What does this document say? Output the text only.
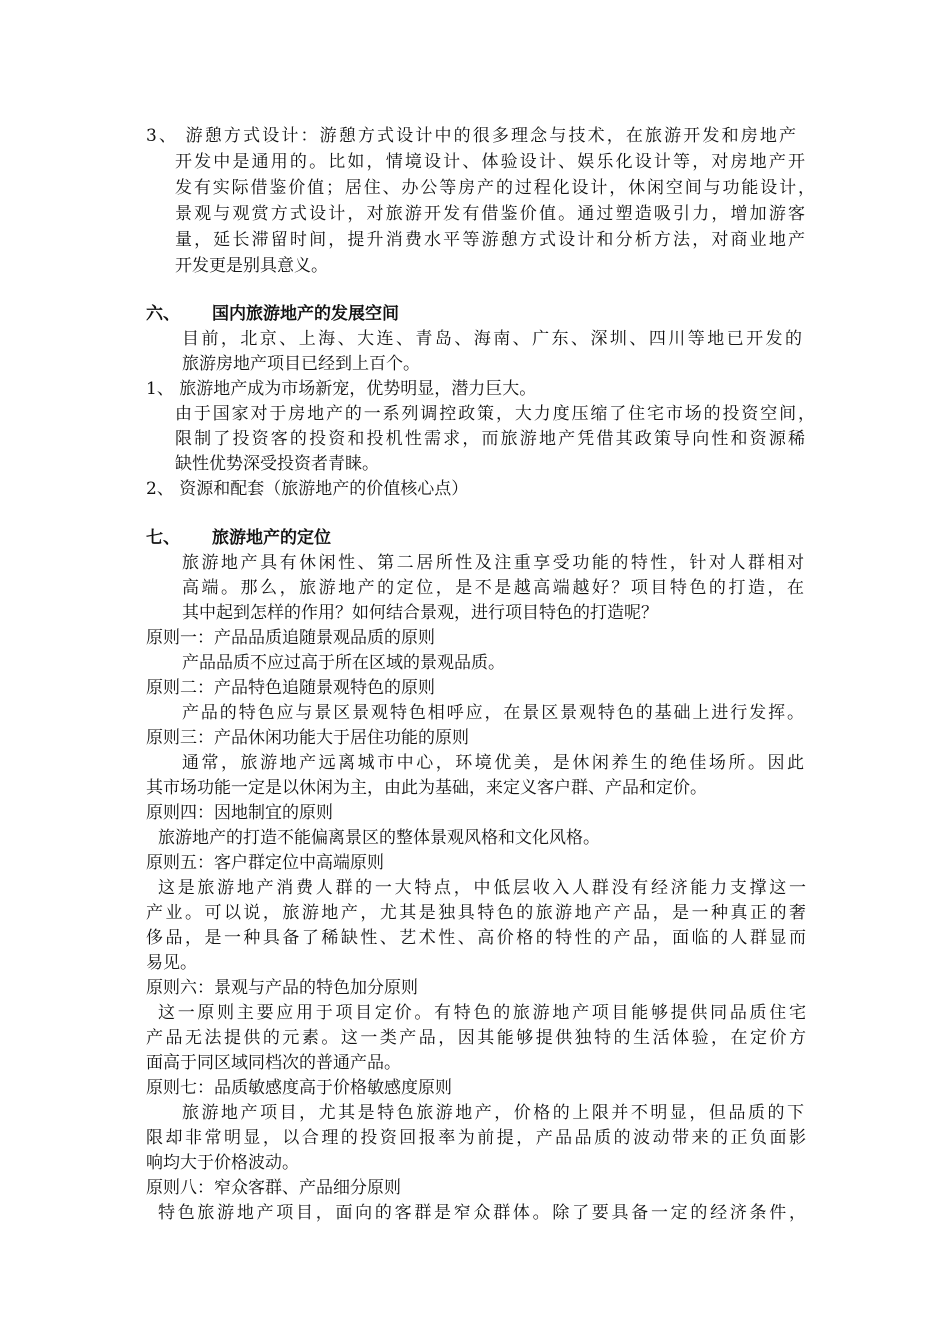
3、 游憩方式设计：游憩方式设计中的很多理念与技术，在旅游开发和房地产

开发中是通用的。比如，情境设计、体验设计、娱乐化设计等，对房地产开

发有实际借鉴价值；居住、办公等房产的过程化设计，休闲空间与功能设计，

景观与观赏方式设计，对旅游开发有借鉴价值。通过塑造吸引力，增加游客

量，延长滞留时间，提升消费水平等游憩方式设计和分析方法，对商业地产

开发更是别具意义。

六、 国内旅游地产的发展空间

目前，北京、上海、大连、青岛、海南、广东、深圳、四川等地已开发的

旅游房地产项目已经到上百个。

1、 旅游地产成为市场新宠，优势明显，潜力巨大。

由于国家对于房地产的一系列调控政策，大力度压缩了住宅市场的投资空间，

限制了投资客的投资和投机性需求，而旅游地产凭借其政策导向性和资源稀

缺性优势深受投资者青睐。

2、 资源和配套（旅游地产的价值核心点）

七、 旅游地产的定位

旅游地产具有休闲性、第二居所性及注重享受功能的特性，针对人群相对

高端。那么，旅游地产的定位，是不是越高端越好？项目特色的打造，在

其中起到怎样的作用？如何结合景观，进行项目特色的打造呢？

原则一：产品品质追随景观品质的原则

产品品质不应过高于所在区域的景观品质。

原则二：产品特色追随景观特色的原则

产品的特色应与景区景观特色相呼应，在景区景观特色的基础上进行发挥。

原则三：产品休闲功能大于居住功能的原则

通常，旅游地产远离城市中心，环境优美，是休闲养生的绝佳场所。因此

其市场功能一定是以休闲为主，由此为基础，来定义客户群、产品和定价。

原则四：因地制宜的原则

旅游地产的打造不能偏离景区的整体景观风格和文化风格。

原则五：客户群定位中高端原则

这是旅游地产消费人群的一大特点，中低层收入人群没有经济能力支撑这一

产业。可以说，旅游地产，尤其是独具特色的旅游地产产品，是一种真正的奢

侈品，是一种具备了稀缺性、艺术性、高价格的特性的产品，面临的人群显而

易见。

原则六：景观与产品的特色加分原则

这一原则主要应用于项目定价。有特色的旅游地产项目能够提供同品质住宅

产品无法提供的元素。这一类产品，因其能够提供独特的生活体验，在定价方

面高于同区域同档次的普通产品。

原则七：品质敏感度高于价格敏感度原则

旅游地产项目，尤其是特色旅游地产，价格的上限并不明显，但品质的下

限却非常明显，以合理的投资回报率为前提，产品品质的波动带来的正负面影

响均大于价格波动。

原则八：窄众客群、产品细分原则

特色旅游地产项目，面向的客群是窄众群体。除了要具备一定的经济条件，
